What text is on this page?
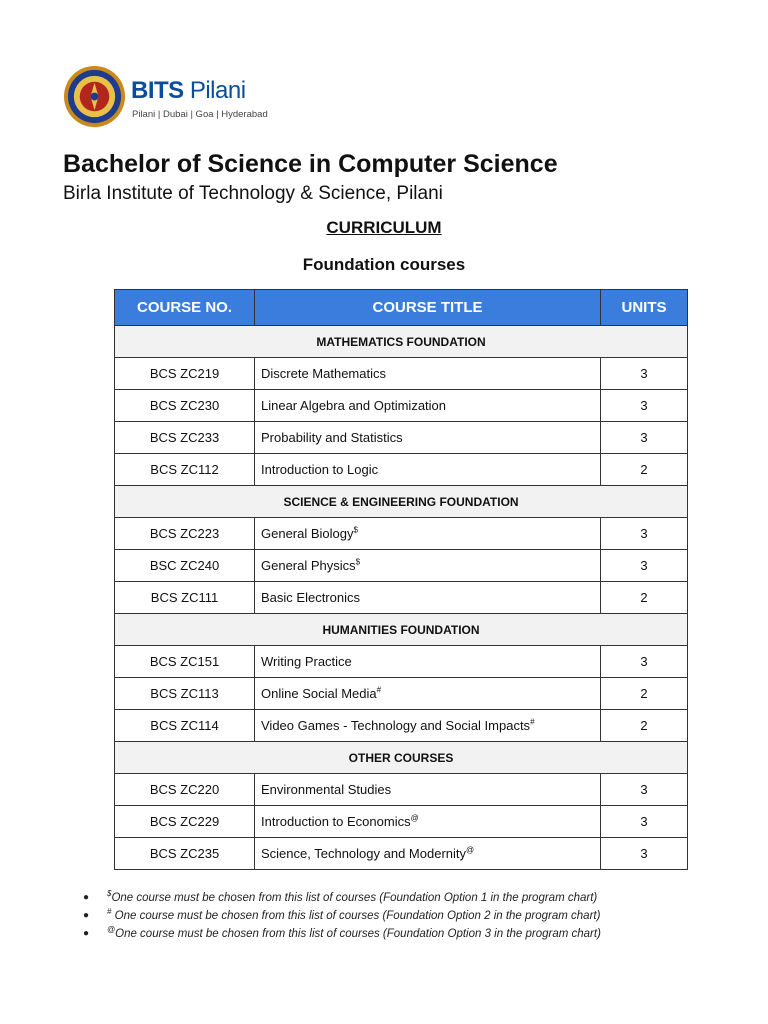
BITS Pilani
Pilani | Dubai | Goa | Hyderabad
Bachelor of Science in Computer Science
Birla Institute of Technology & Science, Pilani
CURRICULUM
Foundation courses
COURSE NO.	COURSE TITLE	UNITS
MATHEMATICS FOUNDATION		
BCS ZC219	Discrete Mathematics	3
BCS ZC230	Linear Algebra and Optimization	3
BCS ZC233	Probability and Statistics	3
BCS ZC112	Introduction to Logic	2
SCIENCE & ENGINEERING FOUNDATION		
BCS ZC223	General Biology$	3
BSC ZC240	General Physics$	3
BCS ZC111	Basic Electronics	2
HUMANITIES FOUNDATION		
BCS ZC151	Writing Practice	3
BCS ZC113	Online Social Media#	2
BCS ZC114	Video Games - Technology and Social Impacts#	2
OTHER COURSES		
BCS ZC220	Environmental Studies	3
BCS ZC229	Introduction to Economics@	3
BCS ZC235	Science, Technology and Modernity@	3
● $One course must be chosen from this list of courses (Foundation Option 1 in the program chart)
● # One course must be chosen from this list of courses (Foundation Option 2 in the program chart)
● @One course must be chosen from this list of courses (Foundation Option 3 in the program chart)
